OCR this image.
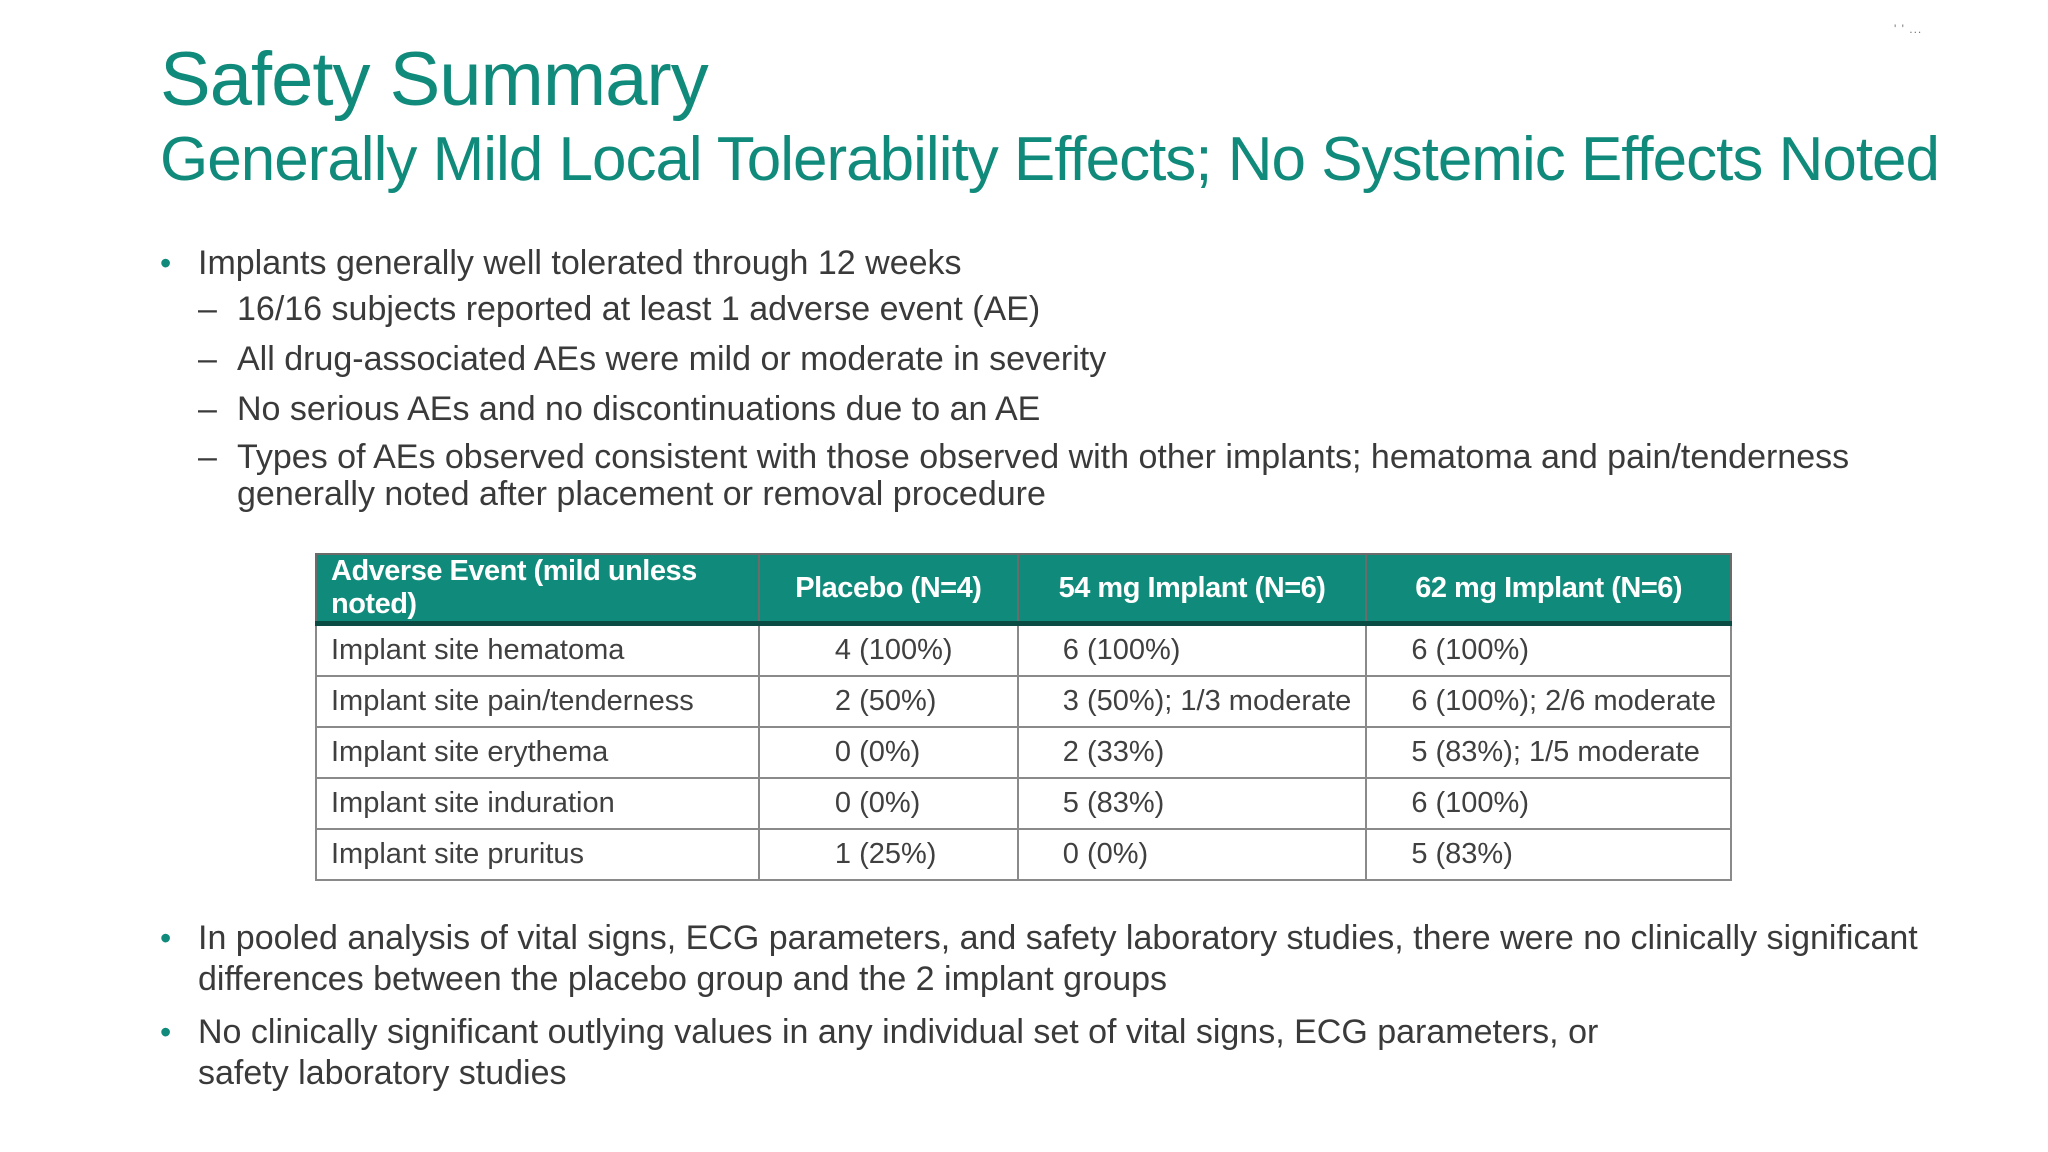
' ' ...
Safety Summary
Generally Mild Local Tolerability Effects; No Systemic Effects Noted
• Implants generally well tolerated through 12 weeks
– 16/16 subjects reported at least 1 adverse event (AE)
– All drug-associated AEs were mild or moderate in severity
– No serious AEs and no discontinuations due to an AE
– Types of AEs observed consistent with those observed with other implants; hematoma and pain/tenderness generally noted after placement or removal procedure
Adverse Event (mild unless noted)	Placebo (N=4)	54 mg Implant (N=6)	62 mg Implant (N=6)
Implant site hematoma	4 (100%)	6 (100%)	6 (100%)
Implant site pain/tenderness	2 (50%)	3 (50%); 1/3 moderate	6 (100%); 2/6 moderate
Implant site erythema	0 (0%)	2 (33%)	5 (83%); 1/5 moderate
Implant site induration	0 (0%)	5 (83%)	6 (100%)
Implant site pruritus	1 (25%)	0 (0%)	5 (83%)
• In pooled analysis of vital signs, ECG parameters, and safety laboratory studies, there were no clinically significant differences between the placebo group and the 2 implant groups
• No clinically significant outlying values in any individual set of vital signs, ECG parameters, or safety laboratory studies
